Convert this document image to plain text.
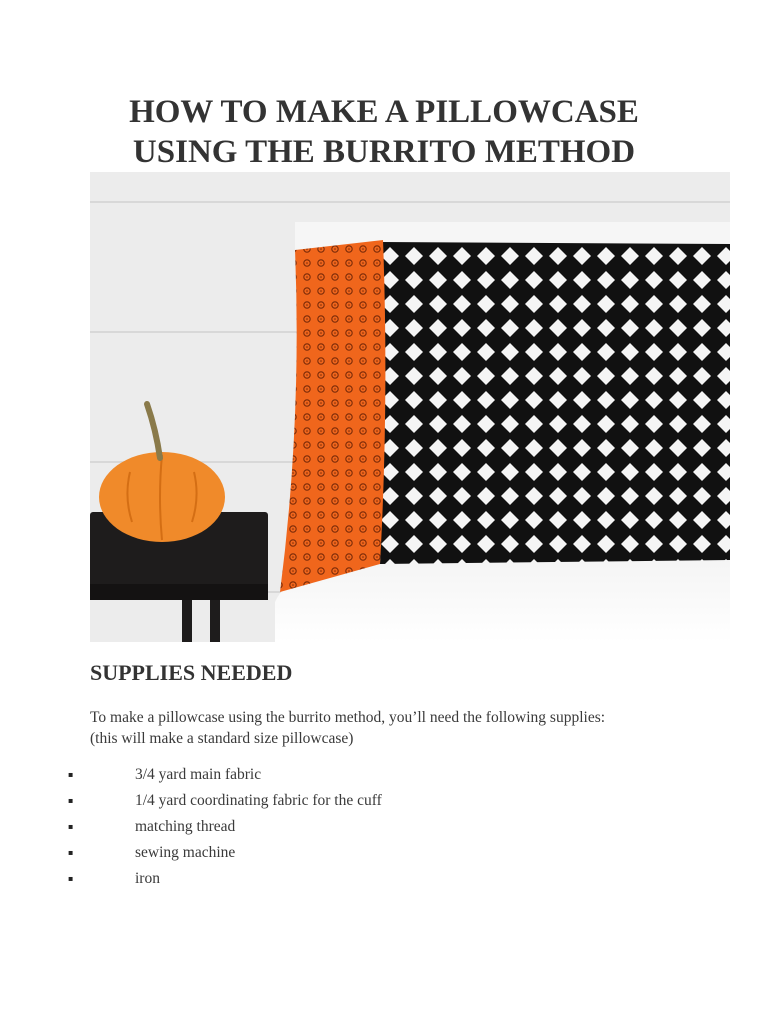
HOW TO MAKE A PILLOWCASE
USING THE BURRITO METHOD
SUPPLIES NEEDED
To make a pillowcase using the burrito method, you’ll need the following supplies:
(this will make a standard size pillowcase)
▪	3/4 yard main fabric
▪	1/4 yard coordinating fabric for the cuff
▪	matching thread
▪	sewing machine
▪	iron
